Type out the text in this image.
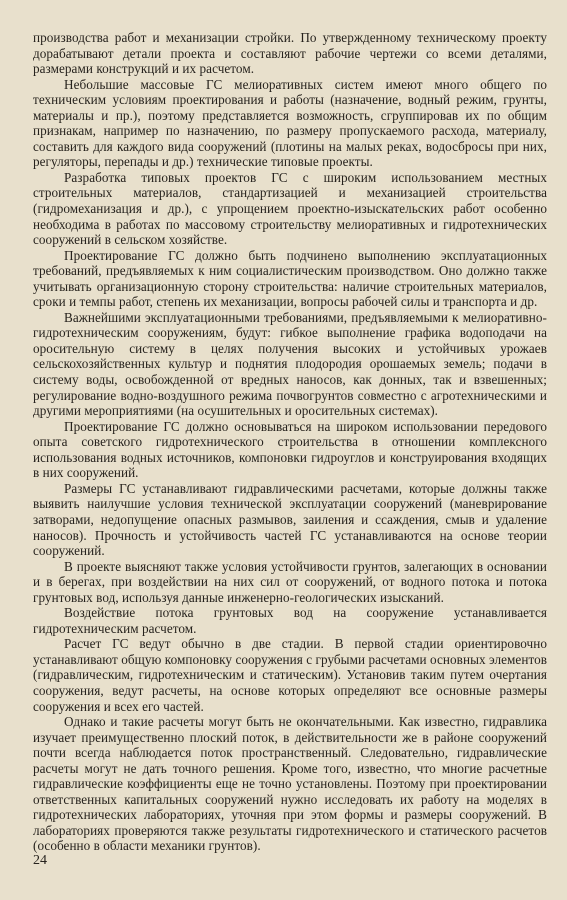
производства работ и механизации стройки. По утвержденному техническому проекту дорабатывают детали проекта и составляют рабочие чертежи со всеми деталями, размерами конструкций и их расчетом.

Небольшие массовые ГС мелиоративных систем имеют много общего по техническим условиям проектирования и работы (назначение, водный режим, грунты, материалы и пр.), поэтому представляется возможность, сгруппировав их по общим признакам, например по назначению, по размеру пропускаемого расхода, материалу, составить для каждого вида сооружений (плотины на малых реках, водосбросы при них, регуляторы, перепады и др.) технические типовые проекты.

Разработка типовых проектов ГС с широким использованием местных строительных материалов, стандартизацией и механизацией строительства (гидромеханизация и др.), с упрощением проектно-изыскательских работ особенно необходима в работах по массовому строительству мелиоративных и гидротехнических сооружений в сельском хозяйстве.

Проектирование ГС должно быть подчинено выполнению эксплуатационных требований, предъявляемых к ним социалистическим производством. Оно должно также учитывать организационную сторону строительства: наличие строительных материалов, сроки и темпы работ, степень их механизации, вопросы рабочей силы и транспорта и др.

Важнейшими эксплуатационными требованиями, предъявляемыми к мелиоративно-гидротехническим сооружениям, будут: гибкое выполнение графика водоподачи на оросительную систему в целях получения высоких и устойчивых урожаев сельскохозяйственных культур и поднятия плодородия орошаемых земель; подачи в систему воды, освобожденной от вредных наносов, как донных, так и взвешенных; регулирование водно-воздушного режима почвогрунтов совместно с агротехническими и другими мероприятиями (на осушительных и оросительных системах).

Проектирование ГС должно основываться на широком использовании передового опыта советского гидротехнического строительства в отношении комплексного использования водных источников, компоновки гидроуглов и конструирования входящих в них сооружений.

Размеры ГС устанавливают гидравлическими расчетами, которые должны также выявить наилучшие условия технической эксплуатации сооружений (маневрирование затворами, недопущение опасных размывов, заиления и ссаждения, смыв и удаление наносов). Прочность и устойчивость частей ГС устанавливаются на основе теории сооружений.

В проекте выясняют также условия устойчивости грунтов, залегающих в основании и в берегах, при воздействии на них сил от сооружений, от водного потока и потока грунтовых вод, используя данные инженерно-геологических изысканий.

Воздействие потока грунтовых вод на сооружение устанавливается гидротехническим расчетом.

Расчет ГС ведут обычно в две стадии. В первой стадии ориентировочно устанавливают общую компоновку сооружения с грубыми расчетами основных элементов (гидравлическим, гидротехническим и статическим). Установив таким путем очертания сооружения, ведут расчеты, на основе которых определяют все основные размеры сооружения и всех его частей.

Однако и такие расчеты могут быть не окончательными. Как известно, гидравлика изучает преимущественно плоский поток, в действительности же в районе сооружений почти всегда наблюдается поток пространственный. Следовательно, гидравлические расчеты могут не дать точного решения. Кроме того, известно, что многие расчетные гидравлические коэффициенты еще не точно установлены. Поэтому при проектировании ответственных капитальных сооружений нужно исследовать их работу на моделях в гидротехнических лабораториях, уточняя при этом формы и размеры сооружений. В лабораториях проверяются также результаты гидротехнического и статического расчетов (особенно в области механики грунтов).

24
